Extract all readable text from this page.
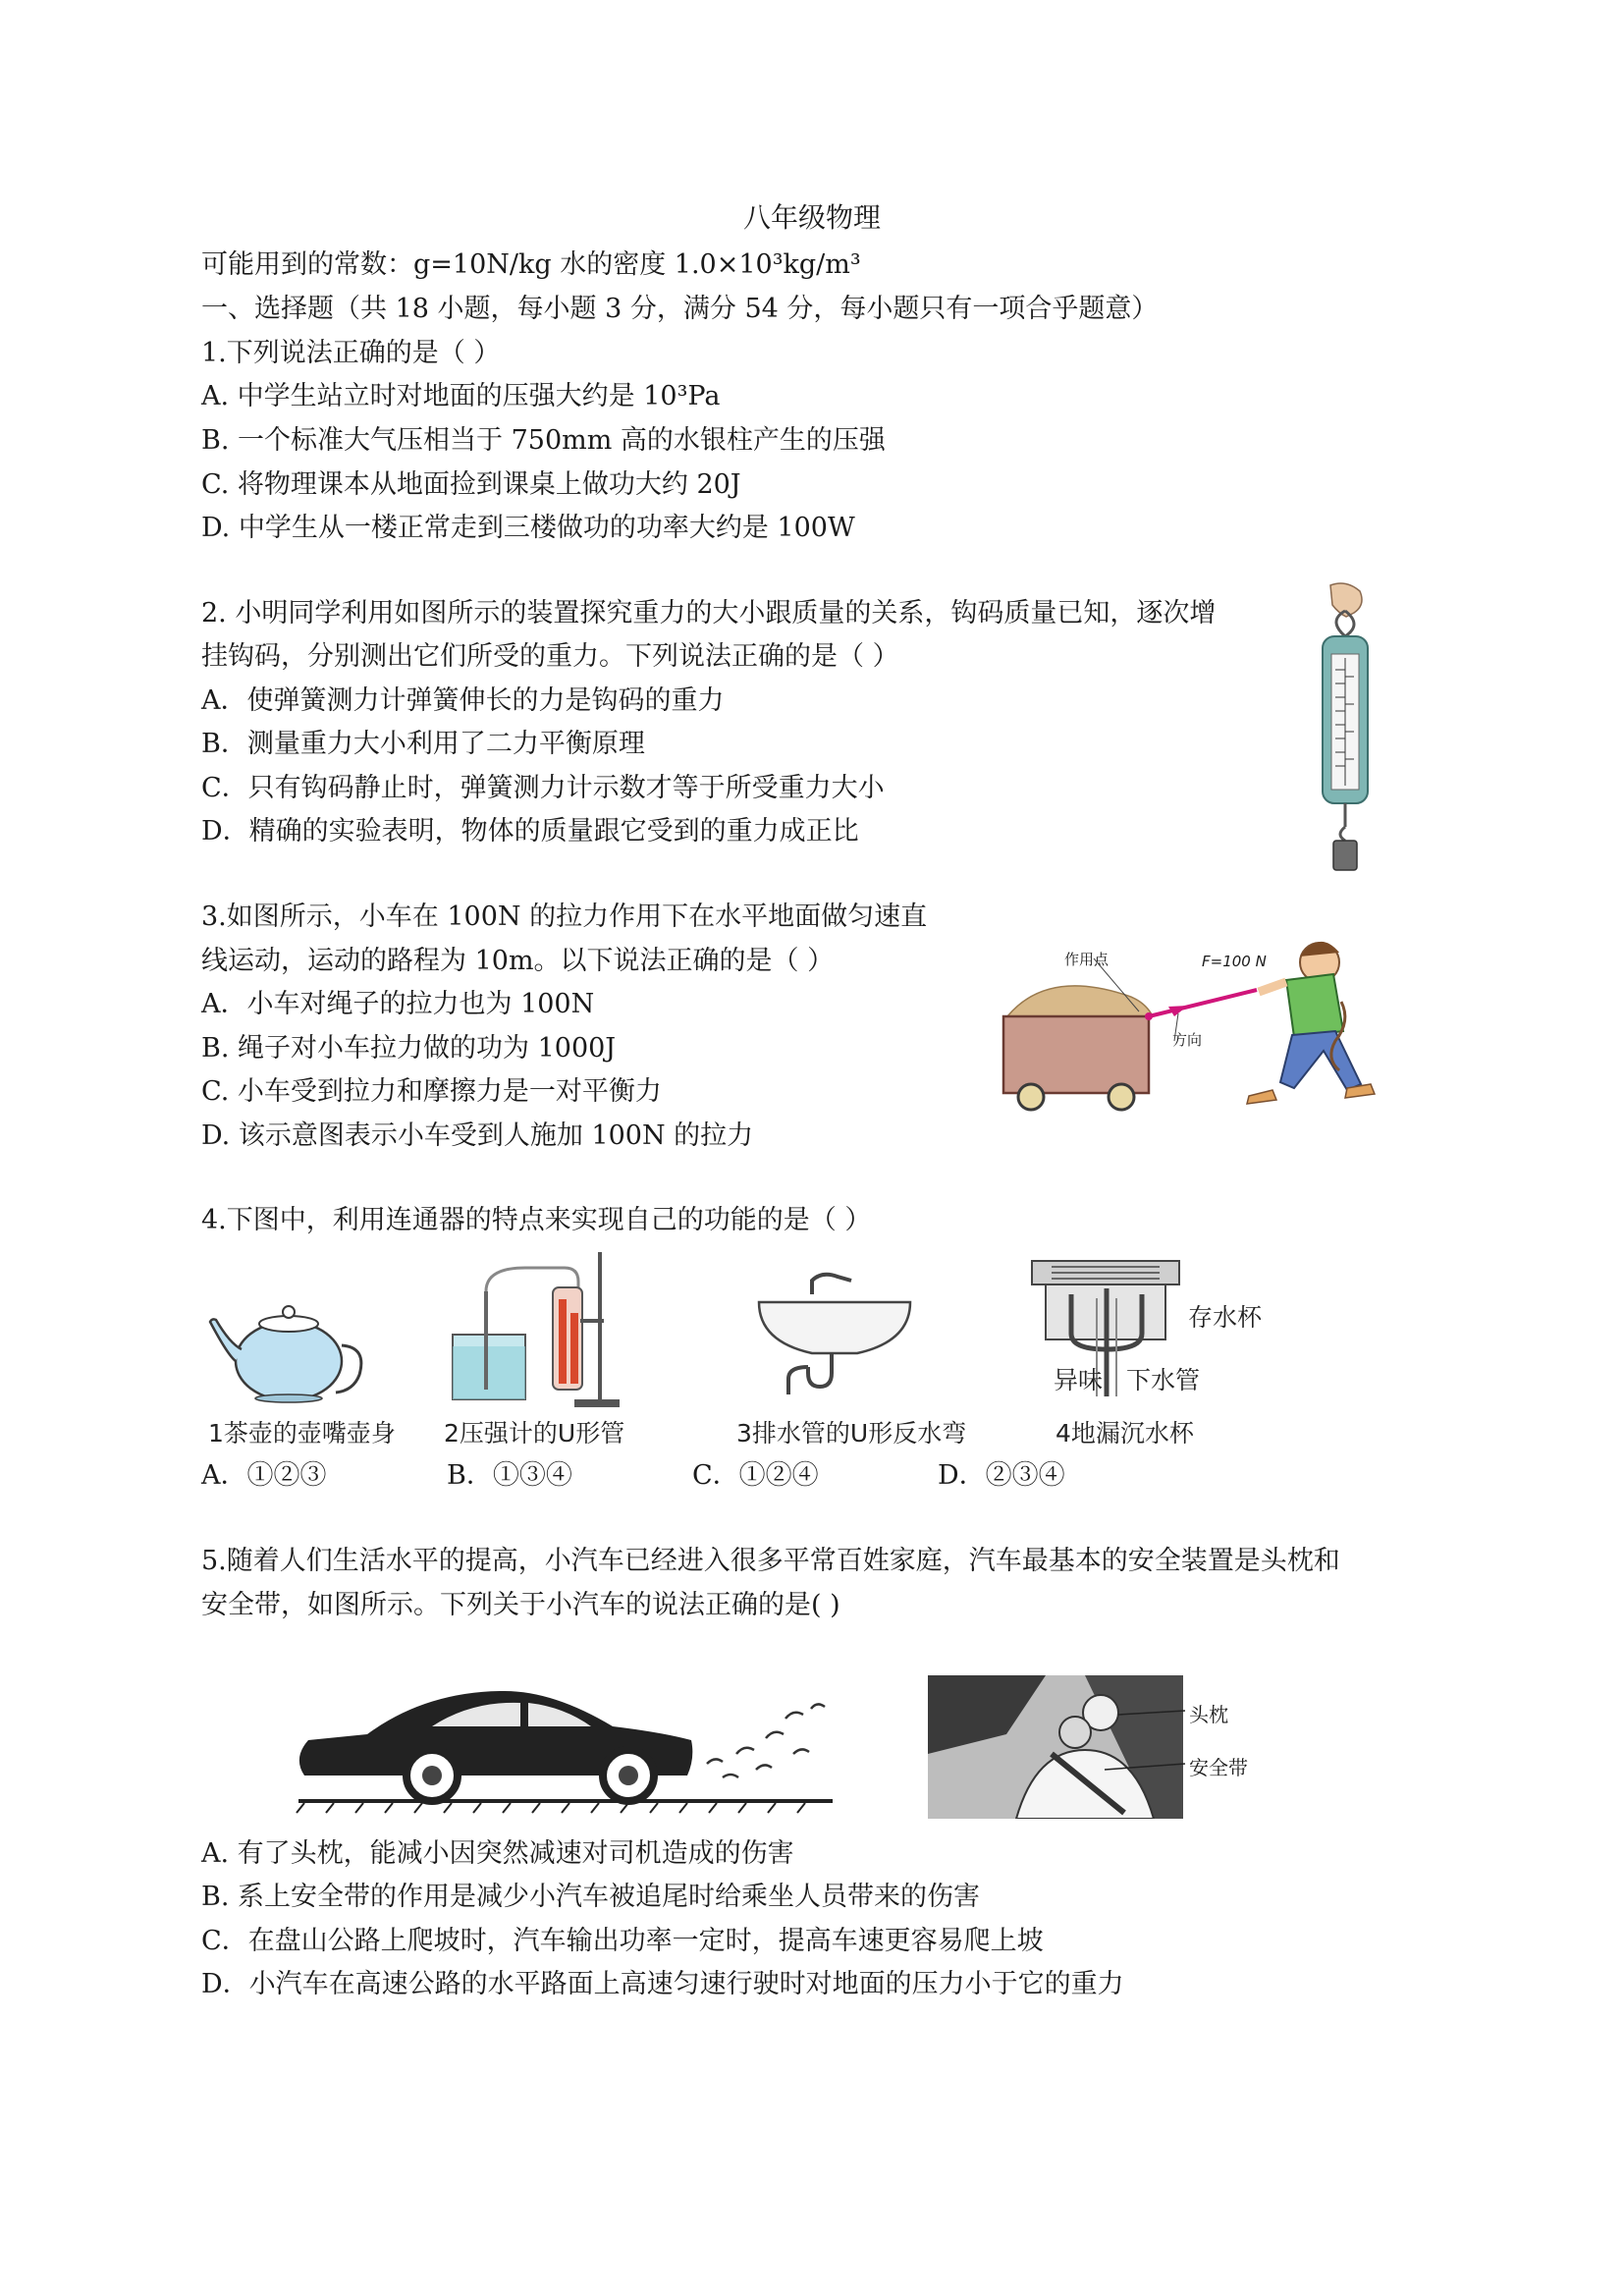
八年级物理
可能用到的常数：g=10N/kg 水的密度 1.0×10³kg/m³
一、选择题（共 18 小题，每小题 3 分，满分 54 分，每小题只有一项合乎题意）
1.下列说法正确的是（ ）
A. 中学生站立时对地面的压强大约是 10³Pa
B. 一个标准大气压相当于 750mm 高的水银柱产生的压强
C. 将物理课本从地面捡到课桌上做功大约 20J
D. 中学生从一楼正常走到三楼做功的功率大约是 100W
2. 小明同学利用如图所示的装置探究重力的大小跟质量的关系，钩码质量已知，逐次增
挂钩码，分别测出它们所受的重力。下列说法正确的是（ ）
A．使弹簧测力计弹簧伸长的力是钩码的重力
B．测量重力大小利用了二力平衡原理
C．只有钩码静止时，弹簧测力计示数才等于所受重力大小
D．精确的实验表明，物体的质量跟它受到的重力成正比
3.如图所示，小车在 100N 的拉力作用下在水平地面做匀速直
线运动，运动的路程为 10m。以下说法正确的是（ ）
A．小车对绳子的拉力也为 100N
B. 绳子对小车拉力做的功为 1000J
C. 小车受到拉力和摩擦力是一对平衡力
D. 该示意图表示小车受到人施加 100N 的拉力
作用点	F=100 N
方向
4.下图中，利用连通器的特点来实现自己的功能的是（ ）
存水杯
异味 下水管
1茶壶的壶嘴壶身 2压强计的U形管	3排水管的U形反水弯	4地漏沉水杯
A．①②③	B．①③④	C．①②④	D．②③④
5.随着人们生活水平的提高，小汽车已经进入很多平常百姓家庭，汽车最基本的安全装置是头枕和
安全带，如图所示。下列关于小汽车的说法正确的是( )
头枕
安全带
A. 有了头枕，能减小因突然减速对司机造成的伤害
B. 系上安全带的作用是减少小汽车被追尾时给乘坐人员带来的伤害
C．在盘山公路上爬坡时，汽车输出功率一定时，提高车速更容易爬上坡
D．小汽车在高速公路的水平路面上高速匀速行驶时对地面的压力小于它的重力
